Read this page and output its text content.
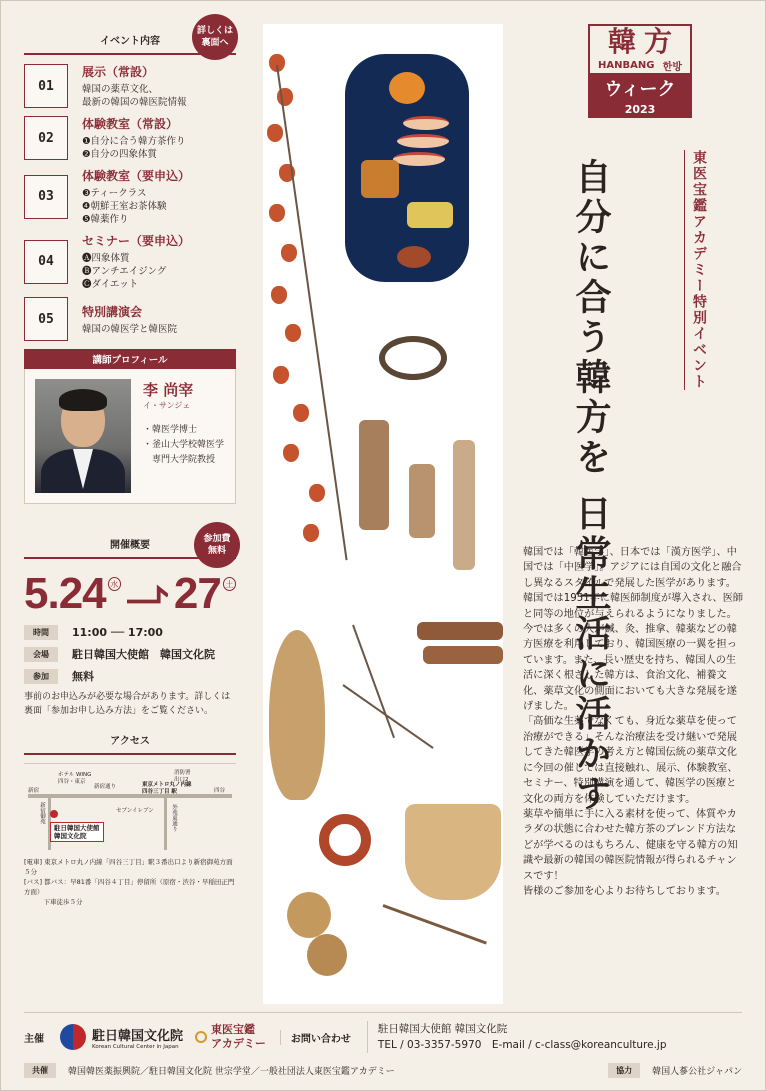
イベント内容
詳しくは
裏面へ
01
展示（常設）
韓国の薬草文化、
最新の韓国の韓医院情報
02
体験教室（常設）
❶自分に合う韓方茶作り
❷自分の四象体質
03
体験教室（要申込）
❸ティークラス
❹朝鮮王室お茶体験
❺韓薬作り
04
セミナー（要申込）
🅐四象体質
🅑アンチエイジング
🅒ダイエット
05	特別講演会
韓国の韓医学と韓医院
講師プロフィール
李 尚宰
イ・サンジェ
・韓医学博士
・釜山大学校韓医学
　専門大学院教授
開催概要
参加費
無料
5.24 水 27 土
時間	11:00 ── 17:00
会場	駐日韓国大使館　韓国文化院
参加	無料
事前のお申込みが必要な場合があります。詳しくは裏面「参加お申し込み方法」をご覧ください。
アクセス
ホテル WING
四谷・東京
新宿通り
新宿
消防署
出口2
東京メトロ丸ノ内線
四谷三丁目 駅	四谷
新宿御苑	セブンイレブン	外苑東通り
駐日韓国大使館
韓国文化院
[電車] 東京メトロ丸ノ内線「四谷三丁目」駅３番出口より新宿御苑方面５分
[バス] 都バス：早81番「四谷４丁目」停留所（原宿・渋谷・早稲田正門方面）
　　　下車徒歩５分
韓 方
HANBANG 한방
ウィーク
2023
東医宝鑑アカデミー特別イベント
自分に合う韓方を 日常生活に活かす

韓国では「韓医学」、日本では「漢方医学」、中国では「中医学」。アジアには自国の文化と融合し異なるスタイルで発展した医学があります。韓国では1951年に韓医師制度が導入され、医師と同等の地位が与えられるようになりました。今では多くの人が鍼、灸、推拿、韓薬などの韓方医療を利用しており、韓国医療の一翼を担っています。また、長い歴史を持ち、韓国人の生活に深く根ざした韓方は、食治文化、補養文化、薬草文化の側面においても大きな発展を遂げました。

「高価な生薬でなくても、身近な薬草を使って治療ができる」そんな治療法を受け継いで発展してきた韓医学の考え方と韓国伝統の薬草文化に今回の催しでは直接触れ、展示、体験教室、セミナー、特別講演を通して、韓医学の医療と文化の両方を体験していただけます。

薬草や簡単に手に入る素材を使って、体質やカラダの状態に合わせた韓方茶のブレンド方法などが学べるのはもちろん、健康を守る韓方の知識や最新の韓国の韓医院情報が得られるチャンスです！

皆様のご参加を心よりお待ちしております。

主催	駐日韓国文化院
Korean Cultural Center in Japan
東医宝鑑
アカデミー	お問い合わせ
駐日韓国大使館 韓国文化院
TEL / 03-3357-5970　E-mail / c-class@koreanculture.jp
共催	韓国韓医薬振興院／駐日韓国文化院 世宗学堂／一般社団法人東医宝鑑アカデミー	協力	韓国人蔘公社ジャパン
